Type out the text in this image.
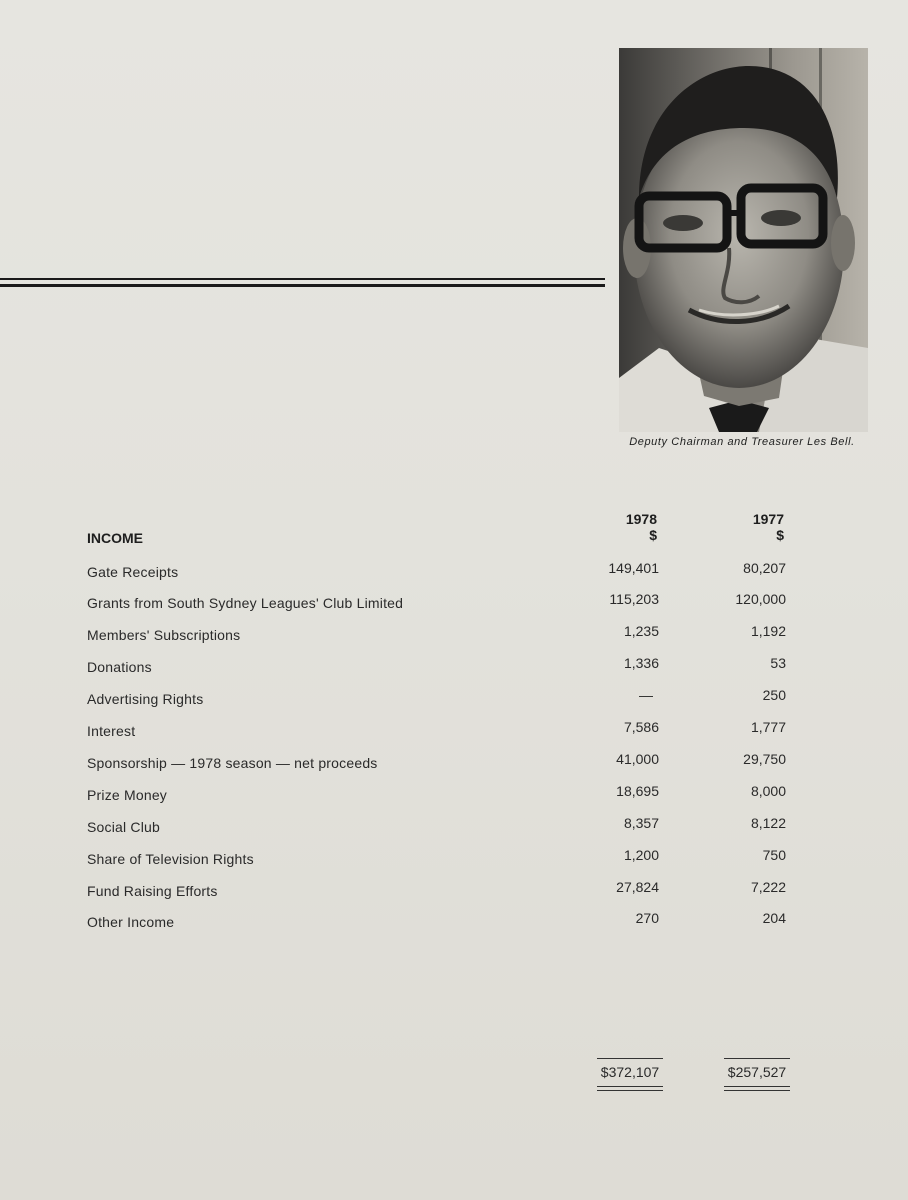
Deputy Chairman and Treasurer Les Bell.
1978
$
1977
$
INCOME
Gate Receipts	149,401	80,207
Grants from South Sydney Leagues' Club Limited	115,203	120,000
Members' Subscriptions	1,235	1,192
Donations	1,336	53
Advertising Rights	—	250
Interest	7,586	1,777
Sponsorship — 1978 season — net proceeds	41,000	29,750
Prize Money	18,695	8,000
Social Club	8,357	8,122
Share of Television Rights	1,200	750
Fund Raising Efforts	27,824	7,222
Other Income	270	204
$372,107	$257,527
